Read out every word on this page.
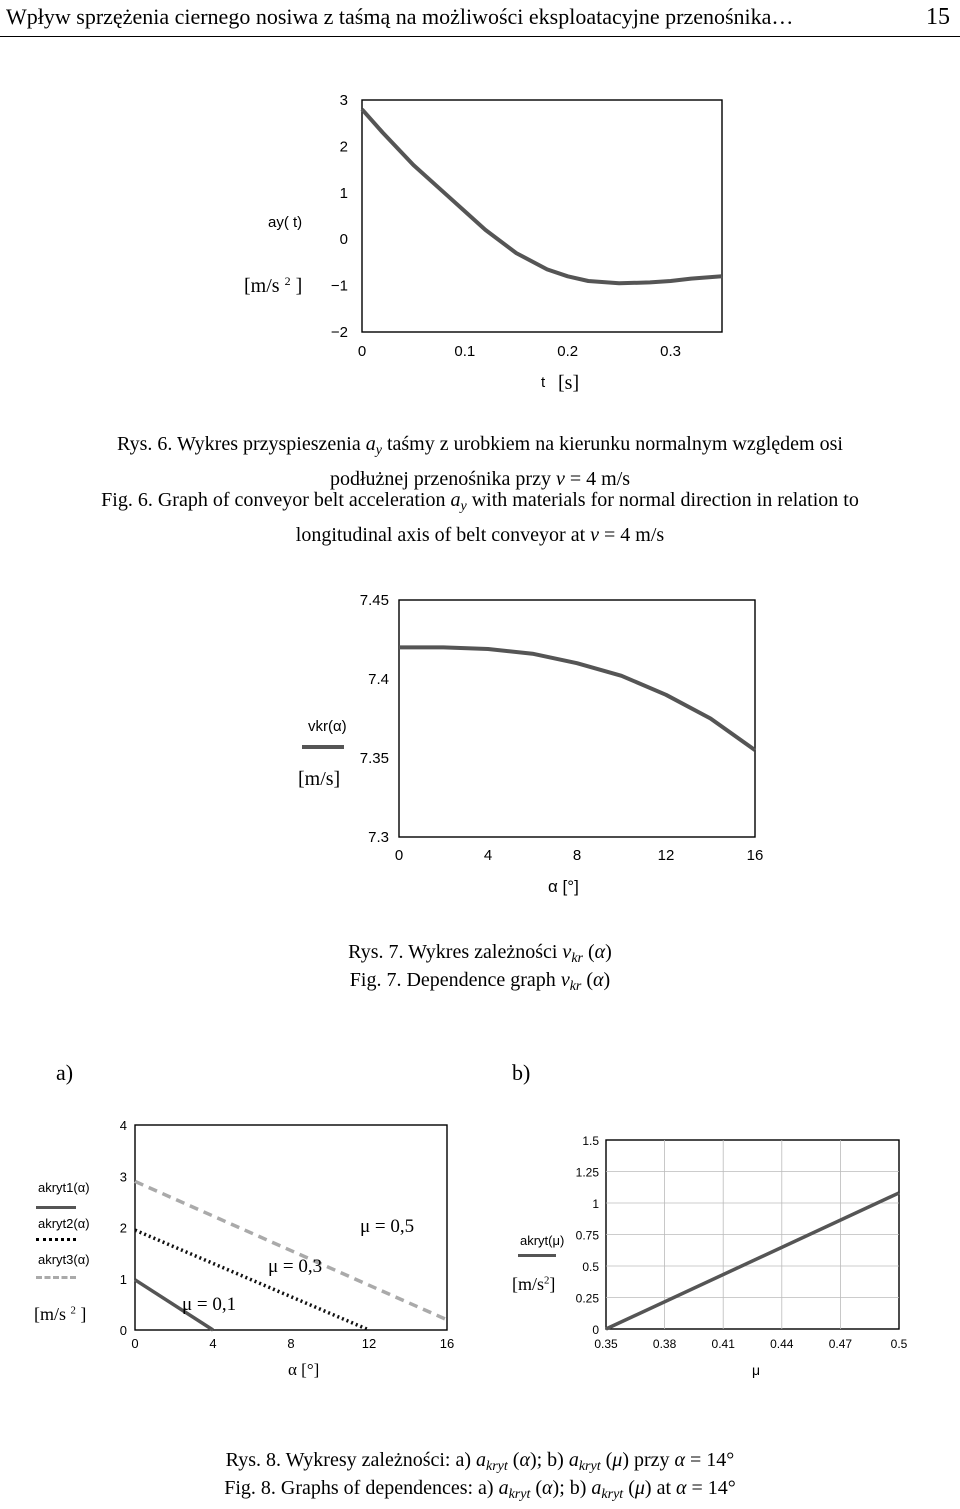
Wpływ sprzężenia ciernego nosiwa z taśmą na możliwości eksploatacyjne przenośnika…	15
0	0.1	0.2	0.3
3
2
1
0
−1
−2
ay( t)
[m/s $^2$ ]
t [s]
Rys. 6. Wykres przyspieszenia $a_y$ taśmy z urobkiem na kierunku normalnym względem osi
podłużnej przenośnika przy v = 4 m/s
Fig. 6. Graph of conveyor belt acceleration $a_y$ with materials for normal direction in relation to
longitudinal axis of belt conveyor at v = 4 m/s
0	4	8	12	16
7.45
7.4
7.35
7.3
vkr(α)
[m/s]
α [°]
Rys. 7. Wykres zależności $v_{kr}$ (α)
Fig. 7. Dependence graph $v_{kr}$ (α)
a)	b)
0	4	8	12	16
4
3
2
1
0
akryt1(α)
akryt2(α)
akryt3(α)
[m/s $^2$ ]	μ = 0,1
μ = 0,3
μ = 0,5
α [°]
0.35	0.38	0.41	0.44	0.47	0.5
1.5
1.25
1
0.75
0.5
0.25
0
akryt(μ)
$[m/s^2]$
μ
Rys. 8. Wykresy zależności: a) $a_{kryt}$ (α); b) $a_{kryt}$ (μ) przy α = 14°
Fig. 8. Graphs of dependences: a) $a_{kryt}$ (α); b) $a_{kryt}$ (μ) at α = 14°
